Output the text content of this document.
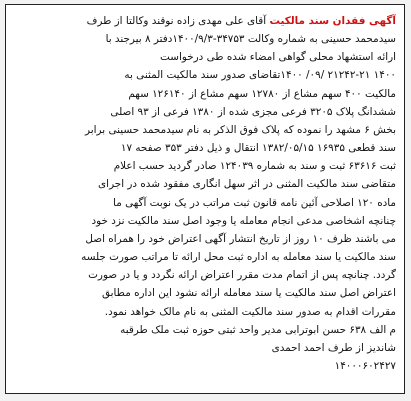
آگهی فقدان سند مالکیت آقای علی مهدی زاده نوقند وکالتا از طرف
سیدمحمد حسینی به شماره وکالت ۳۴۷۵۳-۱۴۰۰/۹/۳دفتر ۸ بیرجند با
ارائه استشهاد محلی گواهی امضاء شده طی درخواست
۱۴۰۰ ۲۱۲۴۲-۲۱ /۰۹/ ۱۴۰۰تقاضای صدور سند مالکیت المثنی به
مالکیت ۴۰۰ سهم مشاع از ۱۲۷۸۰ سهم مشاع از ۱۲۶۱۴۰ سهم
ششدانگ پلاک ۳۲۰۵ فرعی مجزی شده از ۱۳۸۰ فرعی از ۹۳ اصلی
بخش ۶ مشهد را نموده که پلاک فوق الذکر به نام سیدمحمد حسینی برابر
سند قطعی ۱۶۹۳۵ ۱۳۸۲/۰۵/۱۵ انتقال و ذیل دفتر ۳۵۳ صفحه ۱۷
ثبت ۶۳۶۱۶ ثبت و سند به شماره ۱۲۴۰۳۹ صادر گردید حسب اعلام
متقاضی سند مالکیت المثنی در اثر سهل انگاری مفقود شده در اجرای
ماده ۱۲۰ اصلاحی آئین نامه قانون ثبت مراتب در یک نوبت آگهی ما
چنانچه اشخاصی مدعی انجام معامله یا وجود اصل سند مالکیت نزد خود
می باشند ظرف ۱۰ روز از تاریخ انتشار آگهی اعتراض خود را همراه اصل
سند مالکیت یا سند معامله به اداره ثبت محل ارائه تا مراتب صورت جلسه
گردد. چنانچه پس از اتمام مدت مقرر اعتراض ارائه نگردد و یا در صورت
اعتراض اصل سند مالکیت یا سند معامله ارائه نشود این اداره مطابق
مقررات اقدام به صدور سند مالکیت المثنی به نام مالک خواهد نمود.
م الف ۶۳۸ حسن ابوترابی مدیر واحد ثبتی حوزه ثبت ملک طرقبه
شاندیز از طرف احمد احمدی
۱۴۰۰۰۶۰۲۴۲۷
